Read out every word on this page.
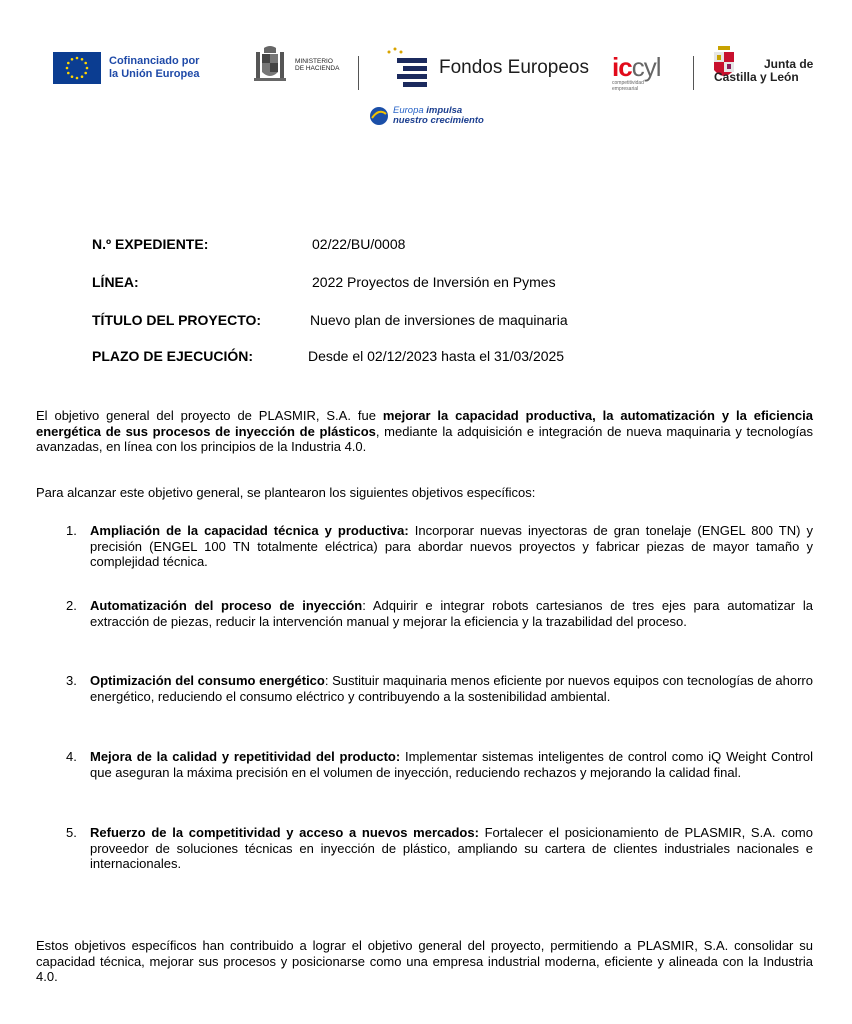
Cofinanciado por
la Unión Europea
MINISTERIO
DE HACIENDA	Fondos Europeos iccyl
competitividad
empresarial
Junta de
Castilla y León
Europa impulsa
nuestro crecimiento
N.º EXPEDIENTE:	02/22/BU/0008
LÍNEA:	2022 Proyectos de Inversión en Pymes
TÍTULO DEL PROYECTO:	Nuevo plan de inversiones de maquinaria
PLAZO DE EJECUCIÓN:	Desde el 02/12/2023 hasta el 31/03/2025
El objetivo general del proyecto de PLASMIR, S.A. fue mejorar la capacidad productiva, la automatización y la eficiencia energética de sus procesos de inyección de plásticos, mediante la adquisición e integración de nueva maquinaria y tecnologías avanzadas, en línea con los principios de la Industria 4.0.
Para alcanzar este objetivo general, se plantearon los siguientes objetivos específicos:
1. Ampliación de la capacidad técnica y productiva: Incorporar nuevas inyectoras de gran tonelaje (ENGEL 800 TN) y precisión (ENGEL 100 TN totalmente eléctrica) para abordar nuevos proyectos y fabricar piezas de mayor tamaño y complejidad técnica.
2. Automatización del proceso de inyección: Adquirir e integrar robots cartesianos de tres ejes para automatizar la extracción de piezas, reducir la intervención manual y mejorar la eficiencia y la trazabilidad del proceso.
3. Optimización del consumo energético: Sustituir maquinaria menos eficiente por nuevos equipos con tecnologías de ahorro energético, reduciendo el consumo eléctrico y contribuyendo a la sostenibilidad ambiental.
4. Mejora de la calidad y repetitividad del producto: Implementar sistemas inteligentes de control como iQ Weight Control que aseguran la máxima precisión en el volumen de inyección, reduciendo rechazos y mejorando la calidad final.
5. Refuerzo de la competitividad y acceso a nuevos mercados: Fortalecer el posicionamiento de PLASMIR, S.A. como proveedor de soluciones técnicas en inyección de plástico, ampliando su cartera de clientes industriales nacionales e internacionales.
Estos objetivos específicos han contribuido a lograr el objetivo general del proyecto, permitiendo a PLASMIR, S.A. consolidar su capacidad técnica, mejorar sus procesos y posicionarse como una empresa industrial moderna, eficiente y alineada con la Industria 4.0.
